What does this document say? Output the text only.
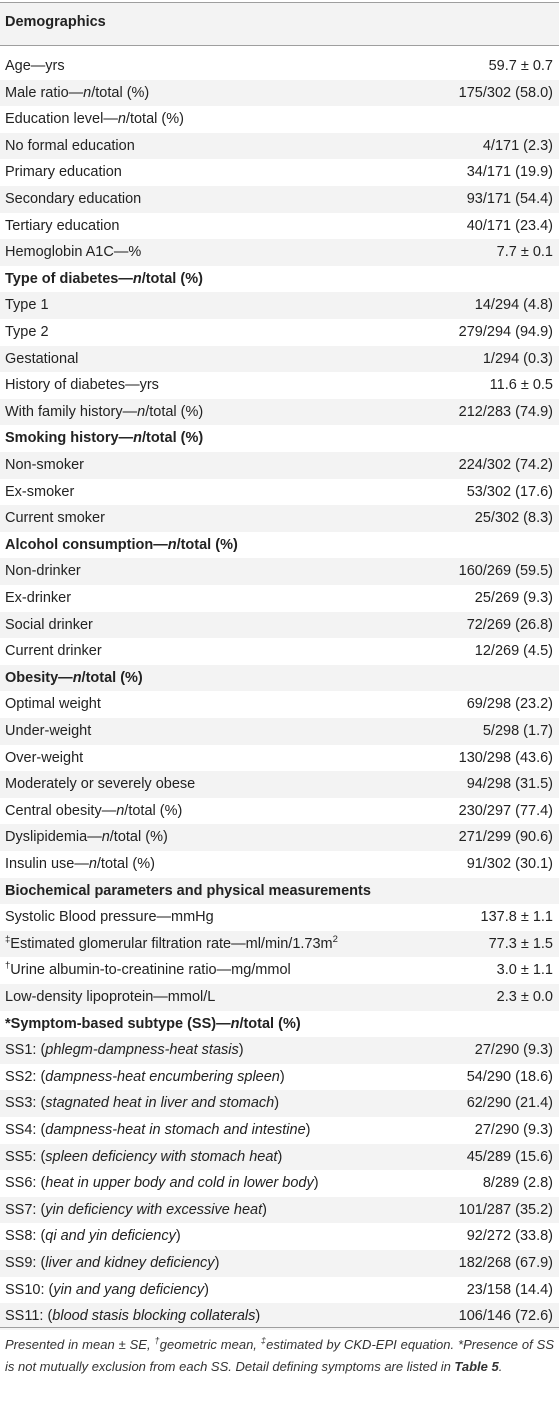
Demographics
Age—yrs	59.7 ± 0.7
Male ratio—n/total (%)	175/302 (58.0)
Education level—n/total (%)
No formal education	4/171 (2.3)
Primary education	34/171 (19.9)
Secondary education	93/171 (54.4)
Tertiary education	40/171 (23.4)
Hemoglobin A1C—%	7.7 ± 0.1
Type of diabetes—n/total (%)
Type 1	14/294 (4.8)
Type 2	279/294 (94.9)
Gestational	1/294 (0.3)
History of diabetes—yrs	11.6 ± 0.5
With family history—n/total (%)	212/283 (74.9)
Smoking history—n/total (%)
Non-smoker	224/302 (74.2)
Ex-smoker	53/302 (17.6)
Current smoker	25/302 (8.3)
Alcohol consumption—n/total (%)
Non-drinker	160/269 (59.5)
Ex-drinker	25/269 (9.3)
Social drinker	72/269 (26.8)
Current drinker	12/269 (4.5)
Obesity—n/total (%)
Optimal weight	69/298 (23.2)
Under-weight	5/298 (1.7)
Over-weight	130/298 (43.6)
Moderately or severely obese	94/298 (31.5)
Central obesity—n/total (%)	230/297 (77.4)
Dyslipidemia—n/total (%)	271/299 (90.6)
Insulin use—n/total (%)	91/302 (30.1)
Biochemical parameters and physical measurements
Systolic Blood pressure—mmHg	137.8 ± 1.1
‡Estimated glomerular filtration $rate—ml/\min/1.73m^2$	77.3 ± 1.5
†Urine albumin-to-creatinine ratio—mg/mmol	3.0 ± 1.1
Low-density lipoprotein—mmol/L	2.3 ± 0.0
*Symptom-based subtype (SS)—n/total (%)
SS1: (phlegm-dampness-heat stasis)	27/290 (9.3)
SS2: (dampness-heat encumbering spleen)	54/290 (18.6)
SS3: (stagnated heat in liver and stomach)	62/290 (21.4)
SS4: (dampness-heat in stomach and intestine)	27/290 (9.3)
SS5: (spleen deficiency with stomach heat)	45/289 (15.6)
SS6: (heat in upper body and cold in lower body)	8/289 (2.8)
SS7: (yin deficiency with excessive heat)	101/287 (35.2)
SS8: (qi and yin deficiency)	92/272 (33.8)
SS9: (liver and kidney deficiency)	182/268 (67.9)
SS10: (yin and yang deficiency)	23/158 (14.4)
SS11: (blood stasis blocking collaterals)	106/146 (72.6)
Presented in mean ± SE, †geometric mean, ‡estimated by CKD-EPI equation. *Presence of SS is not mutually exclusion from each SS. Detail defining symptoms are listed in Table 5.
